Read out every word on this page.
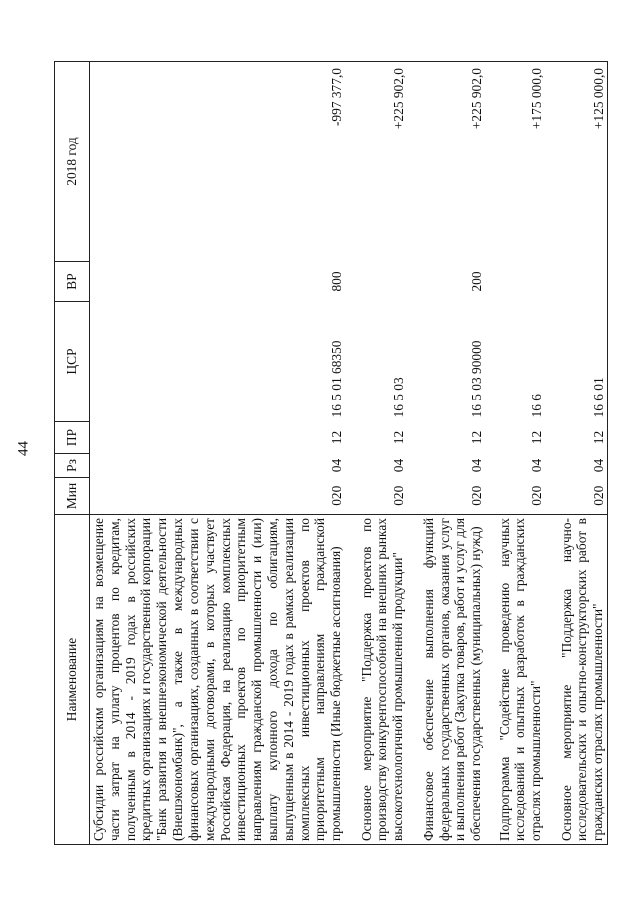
44
Наименование	Мин	Рз	ПР	ЦСР	ВР	2018 год
Субсидии российским организациям на возмещение части затрат на уплату процентов по кредитам, полученным в 2014 - 2019 годах в российских кредитных организациях и государственной корпорации "Банк развития и внешнеэкономической деятельности (Внешэкономбанк)", а также в международных финансовых организациях, созданных в соответствии с международными договорами, в которых участвует Российская Федерация, на реализацию комплексных инвестиционных проектов по приоритетным направлениям гражданской промышленности и (или) выплату купонного дохода по облигациям, выпущенным в 2014 - 2019 годах в рамках реализации комплексных инвестиционных проектов по приоритетным направлениям гражданской промышленности (Иные бюджетные ассигнования)	020	04	12	16 5 01 68350	800	-997 377,0
Основное мероприятие "Поддержка проектов по производству конкурентоспособной на внешних рынках высокотехнологичной промышленной продукции"	020	04	12	16 5 03		+225 902,0
Финансовое обеспечение выполнения функций федеральных государственных органов, оказания услуг и выполнения работ (Закупка товаров, работ и услуг для обеспечения государственных (муниципальных) нужд)	020	04	12	16 5 03 90000	200	+225 902,0
Подпрограмма "Содействие проведению научных исследований и опытных разработок в гражданских отраслях промышленности"	020	04	12	16 6		+175 000,0
Основное мероприятие "Поддержка научно-исследовательских и опытно-конструкторских работ в гражданских отраслях промышленности"	020	04	12	16 6 01		+125 000,0
